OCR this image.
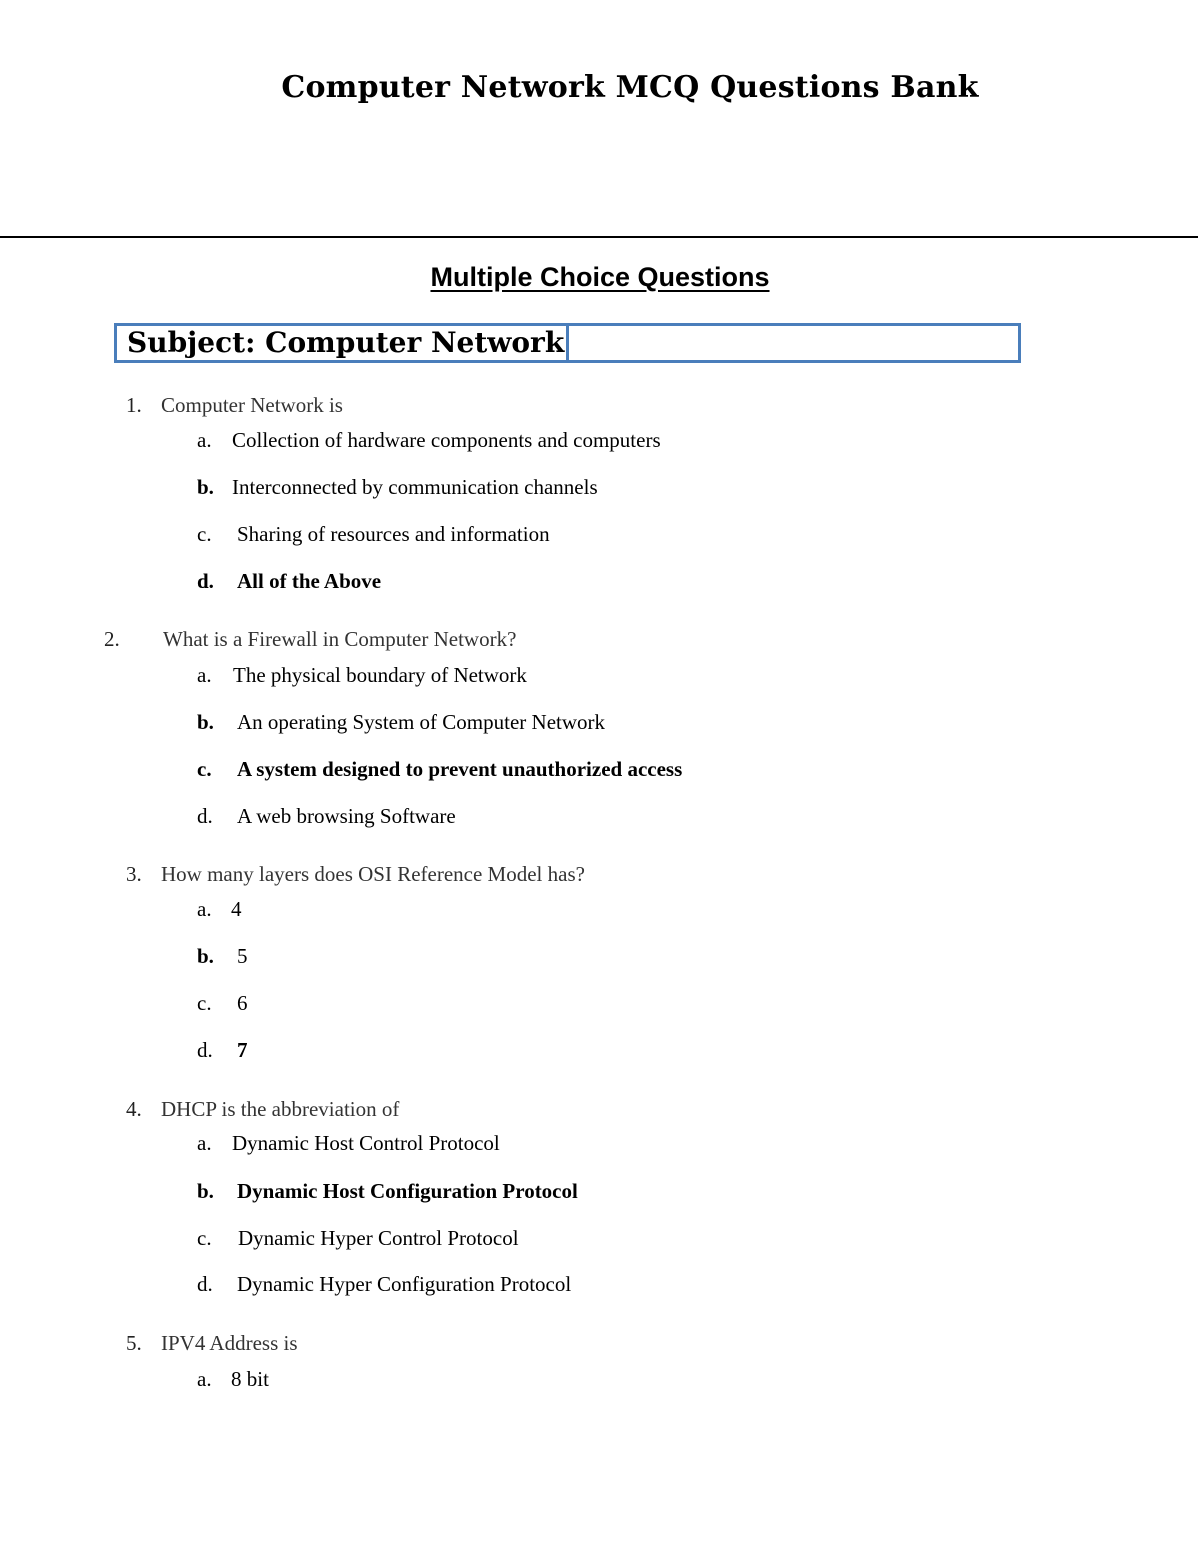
Computer Network MCQ Questions Bank
Multiple Choice Questions
Subject: Computer Network
1. Computer Network is
a. Collection of hardware components and computers
b. Interconnected by communication channels
c. Sharing of resources and information
d. All of the Above
2. What is a Firewall in Computer Network?
a. The physical boundary of Network
b. An operating System of Computer Network
c. A system designed to prevent unauthorized access
d. A web browsing Software
3. How many layers does OSI Reference Model has?
a. 4
b. 5
c. 6
d. 7
4. DHCP is the abbreviation of
a. Dynamic Host Control Protocol
b. Dynamic Host Configuration Protocol
c. Dynamic Hyper Control Protocol
d. Dynamic Hyper Configuration Protocol
5. IPV4 Address is
a. 8 bit
